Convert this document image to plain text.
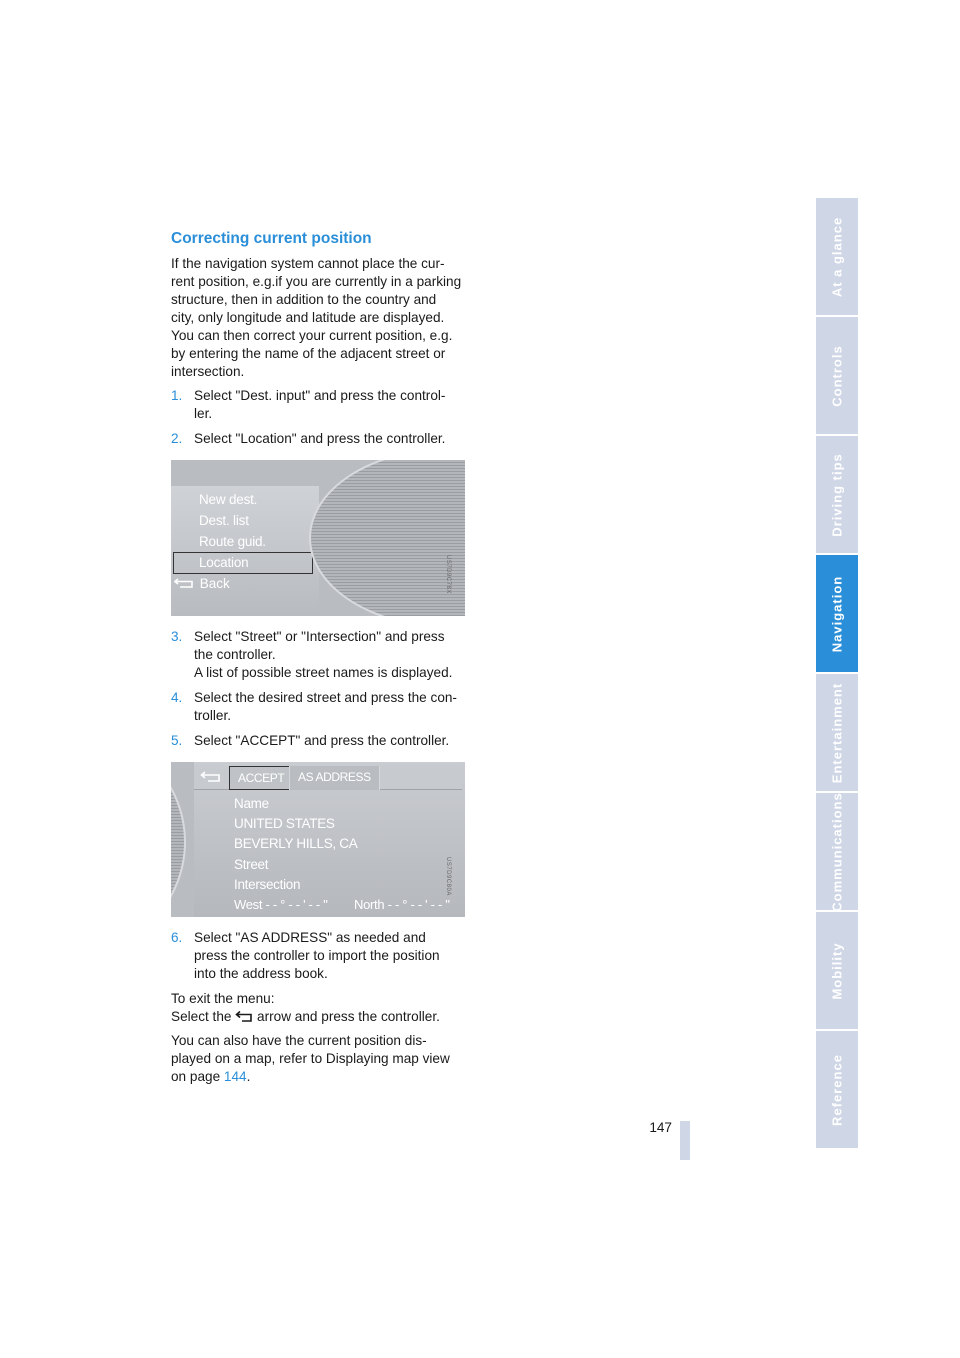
Correcting current position
If the navigation system cannot place the cur-
rent position, e.g.if you are currently in a parking
structure, then in addition to the country and
city, only longitude and latitude are displayed.
You can then correct your current position, e.g.
by entering the name of the adjacent street or
intersection.
1. Select "Dest. input" and press the control-
ler.
2. Select "Location" and press the controller.
New dest.
Dest. list
Route guid.
Location
Back	US7D9C78X
3. Select "Street" or "Intersection" and press
the controller.
A list of possible street names is displayed.
4. Select the desired street and press the con-
troller.
5. Select "ACCEPT" and press the controller.
ACCEPT	AS ADDRESS
Name
UNITED STATES
BEVERLY HILLS, CA
Street
Intersection
West - - ° - - ' - - " North - - ° - - ' - - "
US7D9C80A
6. Select "AS ADDRESS" as needed and
press the controller to import the position
into the address book.
To exit the menu:
Select the arrow and press the controller.
You can also have the current position dis-
played on a map, refer to Displaying map view
on page 144.
At a glance
Controls
Driving tips
Navigation
Entertainment
Communications
Mobility
Reference
147
